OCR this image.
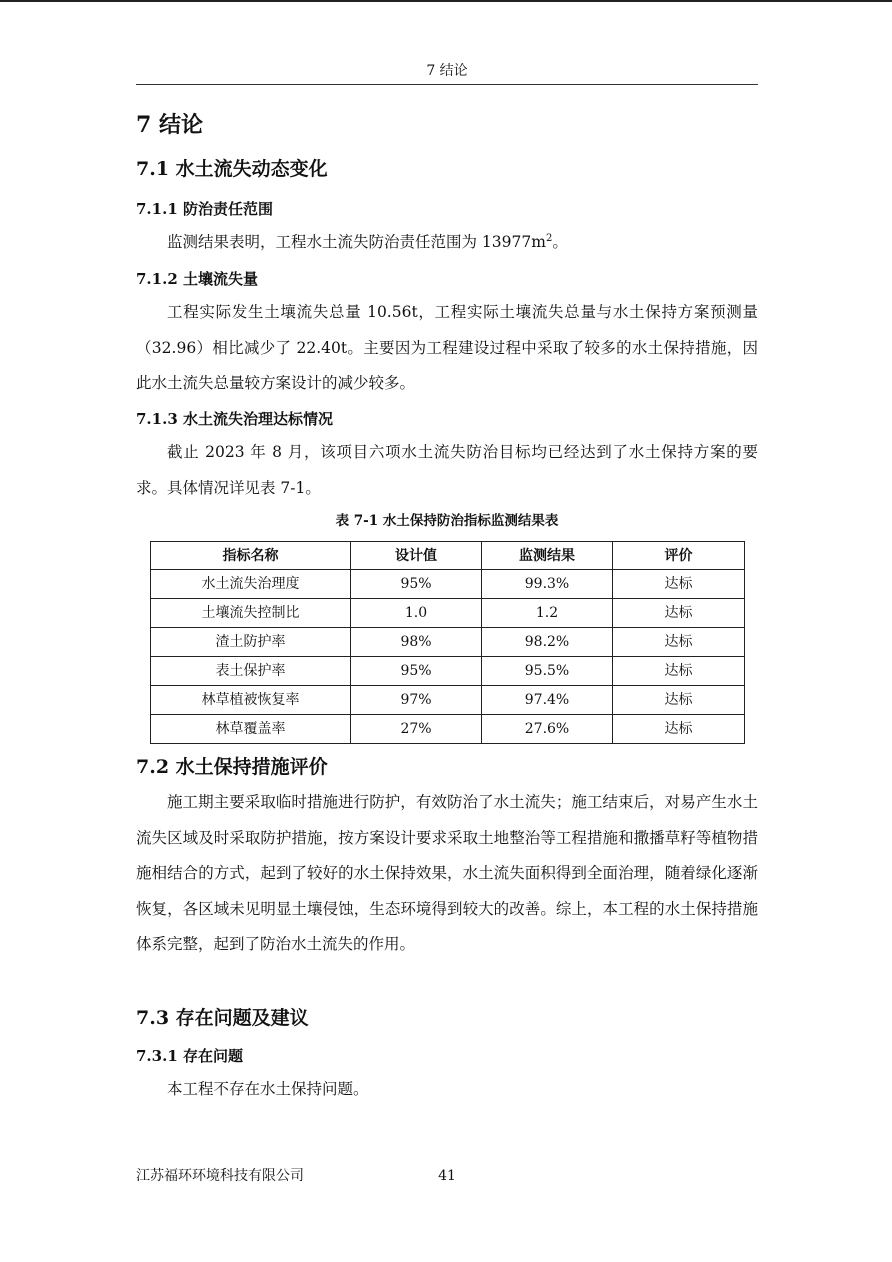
7 结论
7 结论
7.1 水土流失动态变化
7.1.1 防治责任范围

监测结果表明，工程水土流失防治责任范围为 $13977m^2$。

7.1.2 土壤流失量

工程实际发生土壤流失总量 10.56t，工程实际土壤流失总量与水土保持方案预测量（32.96）相比减少了 22.40t。主要因为工程建设过程中采取了较多的水土保持措施，因此水土流失总量较方案设计的减少较多。

7.1.3 水土流失治理达标情况

截止 2023 年 8 月，该项目六项水土流失防治目标均已经达到了水土保持方案的要求。具体情况详见表 7-1。

表 7-1 水土保持防治指标监测结果表
指标名称	设计值	监测结果	评价
水土流失治理度	95%	99.3%	达标
土壤流失控制比	1.0	1.2	达标
渣土防护率	98%	98.2%	达标
表土保护率	95%	95.5%	达标
林草植被恢复率	97%	97.4%	达标
林草覆盖率	27%	27.6%	达标
7.2 水土保持措施评价

施工期主要采取临时措施进行防护，有效防治了水土流失；施工结束后，对易产生水土流失区域及时采取防护措施，按方案设计要求采取土地整治等工程措施和撒播草籽等植物措施相结合的方式，起到了较好的水土保持效果，水土流失面积得到全面治理，随着绿化逐渐恢复，各区域未见明显土壤侵蚀，生态环境得到较大的改善。综上，本工程的水土保持措施体系完整，起到了防治水土流失的作用。

7.3 存在问题及建议
7.3.1 存在问题

本工程不存在水土保持问题。

江苏福环环境科技有限公司	41
